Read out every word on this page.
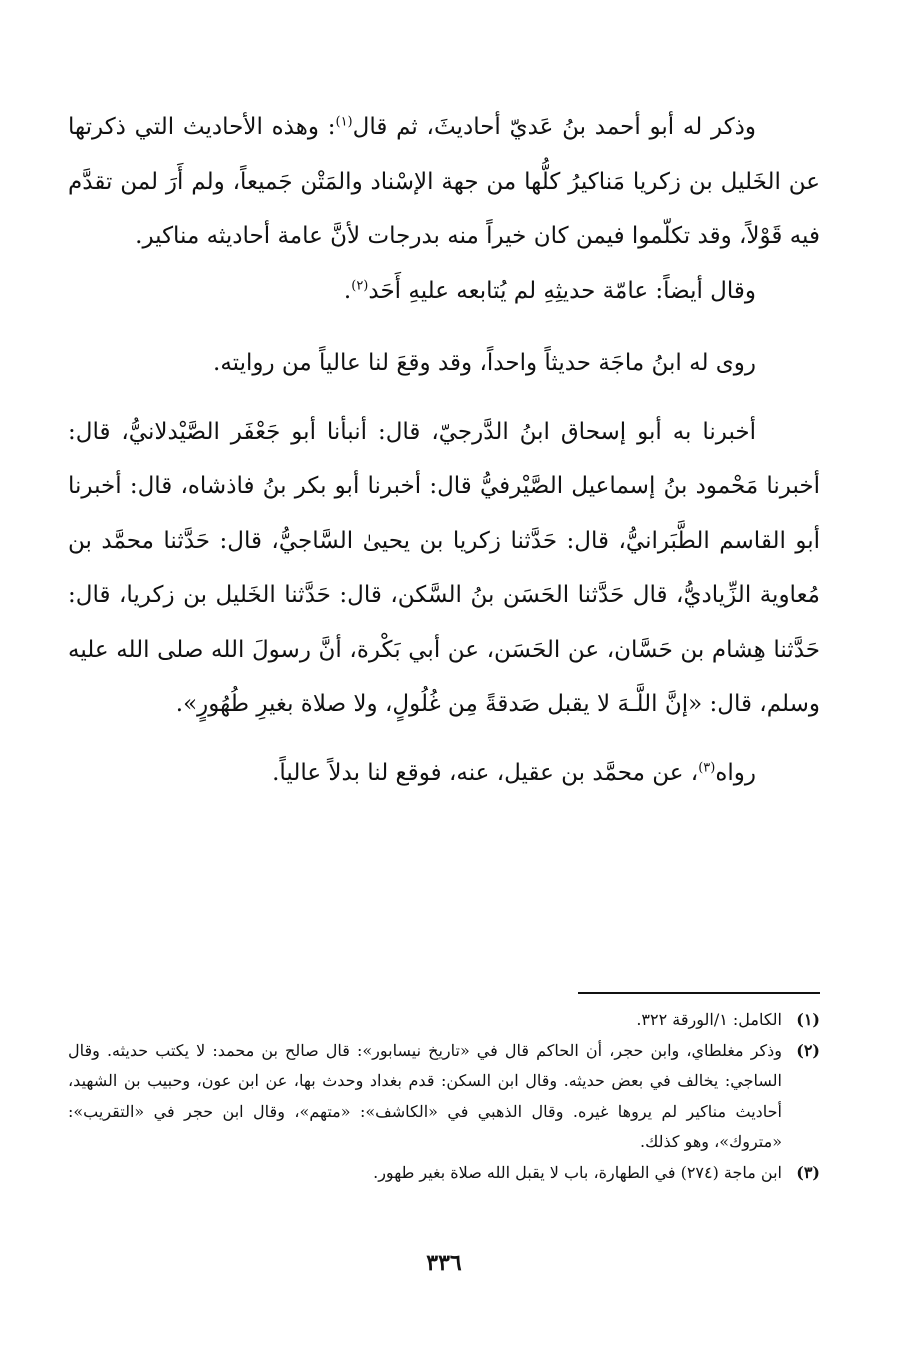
وذكر له أبو أحمد بنُ عَديّ أحاديثَ، ثم قال$^{(١)}$: وهذه الأحاديث التي ذكرتها عن الخَليل بن زكريا مَناكيرُ كلُّها من جهة الإسْناد والمَتْن جَميعاً، ولم أَرَ لمن تقدَّم فيه قَوْلاً، وقد تكلّموا فيمن كان خيراً منه بدرجات لأنَّ عامة أحاديثه مناكير.

وقال أيضاً: عامّة حديثِهِ لم يُتابعه عليهِ أَحَد$^{(٢)}$.

روى له ابنُ ماجَة حديثاً واحداً، وقد وقعَ لنا عالياً من روايته.

أخبرنا به أبو إسحاق ابنُ الدَّرجيّ، قال: أنبأنا أبو جَعْفَر الصَّيْدلانيُّ، قال: أخبرنا مَحْمود بنُ إسماعيل الصَّيْرفيُّ قال: أخبرنا أبو بكر بنُ فاذشاه، قال: أخبرنا أبو القاسم الطَّبَرانيُّ، قال: حَدَّثنا زكريا بن يحيىٰ السَّاجيُّ، قال: حَدَّثنا محمَّد بن مُعاوية الزِّياديُّ، قال حَدَّثنا الحَسَن بنُ السَّكن، قال: حَدَّثنا الخَليل بن زكريا، قال: حَدَّثنا هِشام بن حَسَّان، عن الحَسَن، عن أبي بَكْرة، أنَّ رسولَ الله صلى الله عليه وسلم، قال: «إنَّ اللَّـهَ لا يقبل صَدقةً مِن غُلُولٍ، ولا صلاة بغيرِ طُهُورٍ».

رواه$^{(٣)}$، عن محمَّد بن عقيل، عنه، فوقع لنا بدلاً عالياً.

(١)
الكامل: ١/الورقة ٣٢٢.
(٢)
وذكر مغلطاي، وابن حجر، أن الحاكم قال في «تاريخ نيسابور»: قال صالح بن محمد: لا يكتب حديثه. وقال الساجي: يخالف في بعض حديثه. وقال ابن السكن: قدم بغداد وحدث بها، عن ابن عون، وحبيب بن الشهيد، أحاديث مناكير لم يروها غيره. وقال الذهبي في «الكاشف»: «متهم»، وقال ابن حجر في «التقريب»: «متروك»، وهو كذلك.
(٣)
ابن ماجة (٢٧٤) في الطهارة، باب لا يقبل الله صلاة بغير طهور.
٣٣٦
